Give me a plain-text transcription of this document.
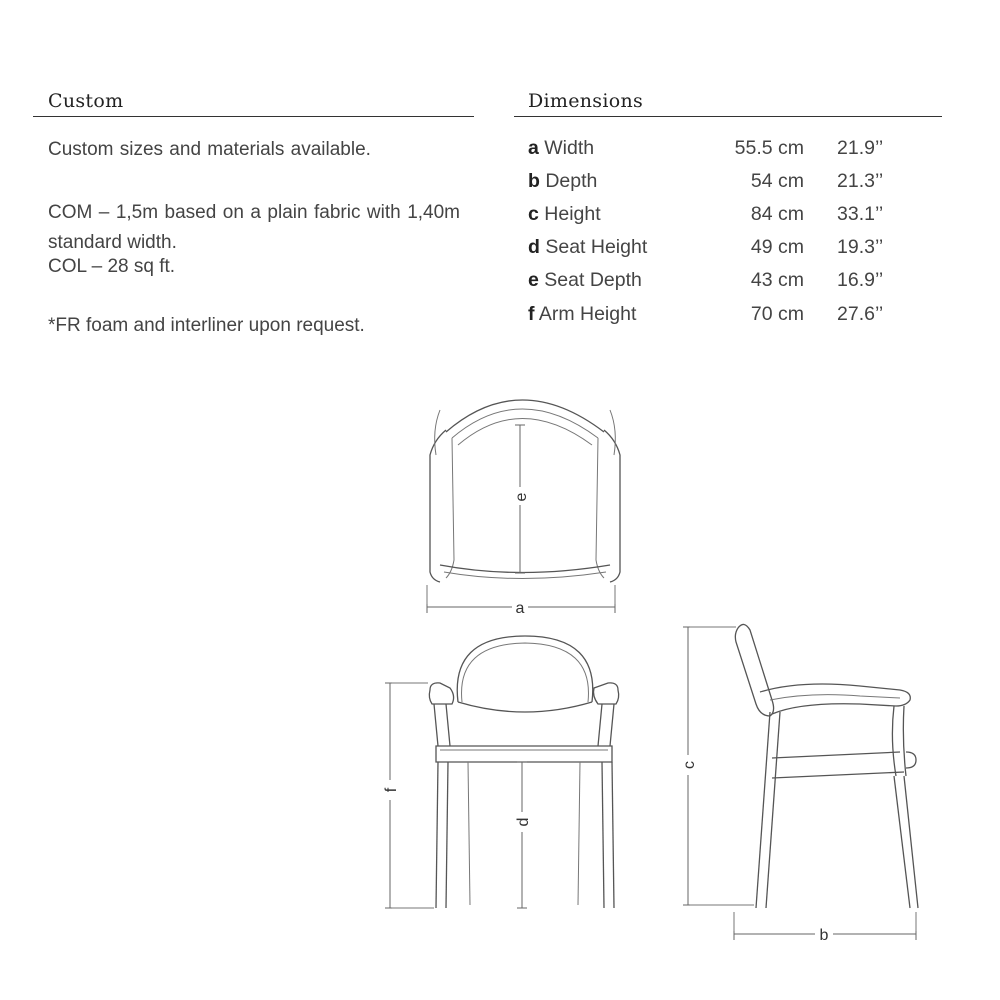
Custom
Custom sizes and materials available.
COM – 1,5m based on a plain fabric with 1,40m standard width.
COL – 28 sq ft.
*FR foam and interliner upon request.
Dimensions
a Width	55.5 cm 21.9’’
b Depth	54 cm 21.3’’
c Height	84 cm 33.1’’
d Seat Height	49 cm 19.3’’
e Seat Depth	43 cm 16.9’’
f Arm Height	70 cm 27.6’’
e
a
d
f
c
b
